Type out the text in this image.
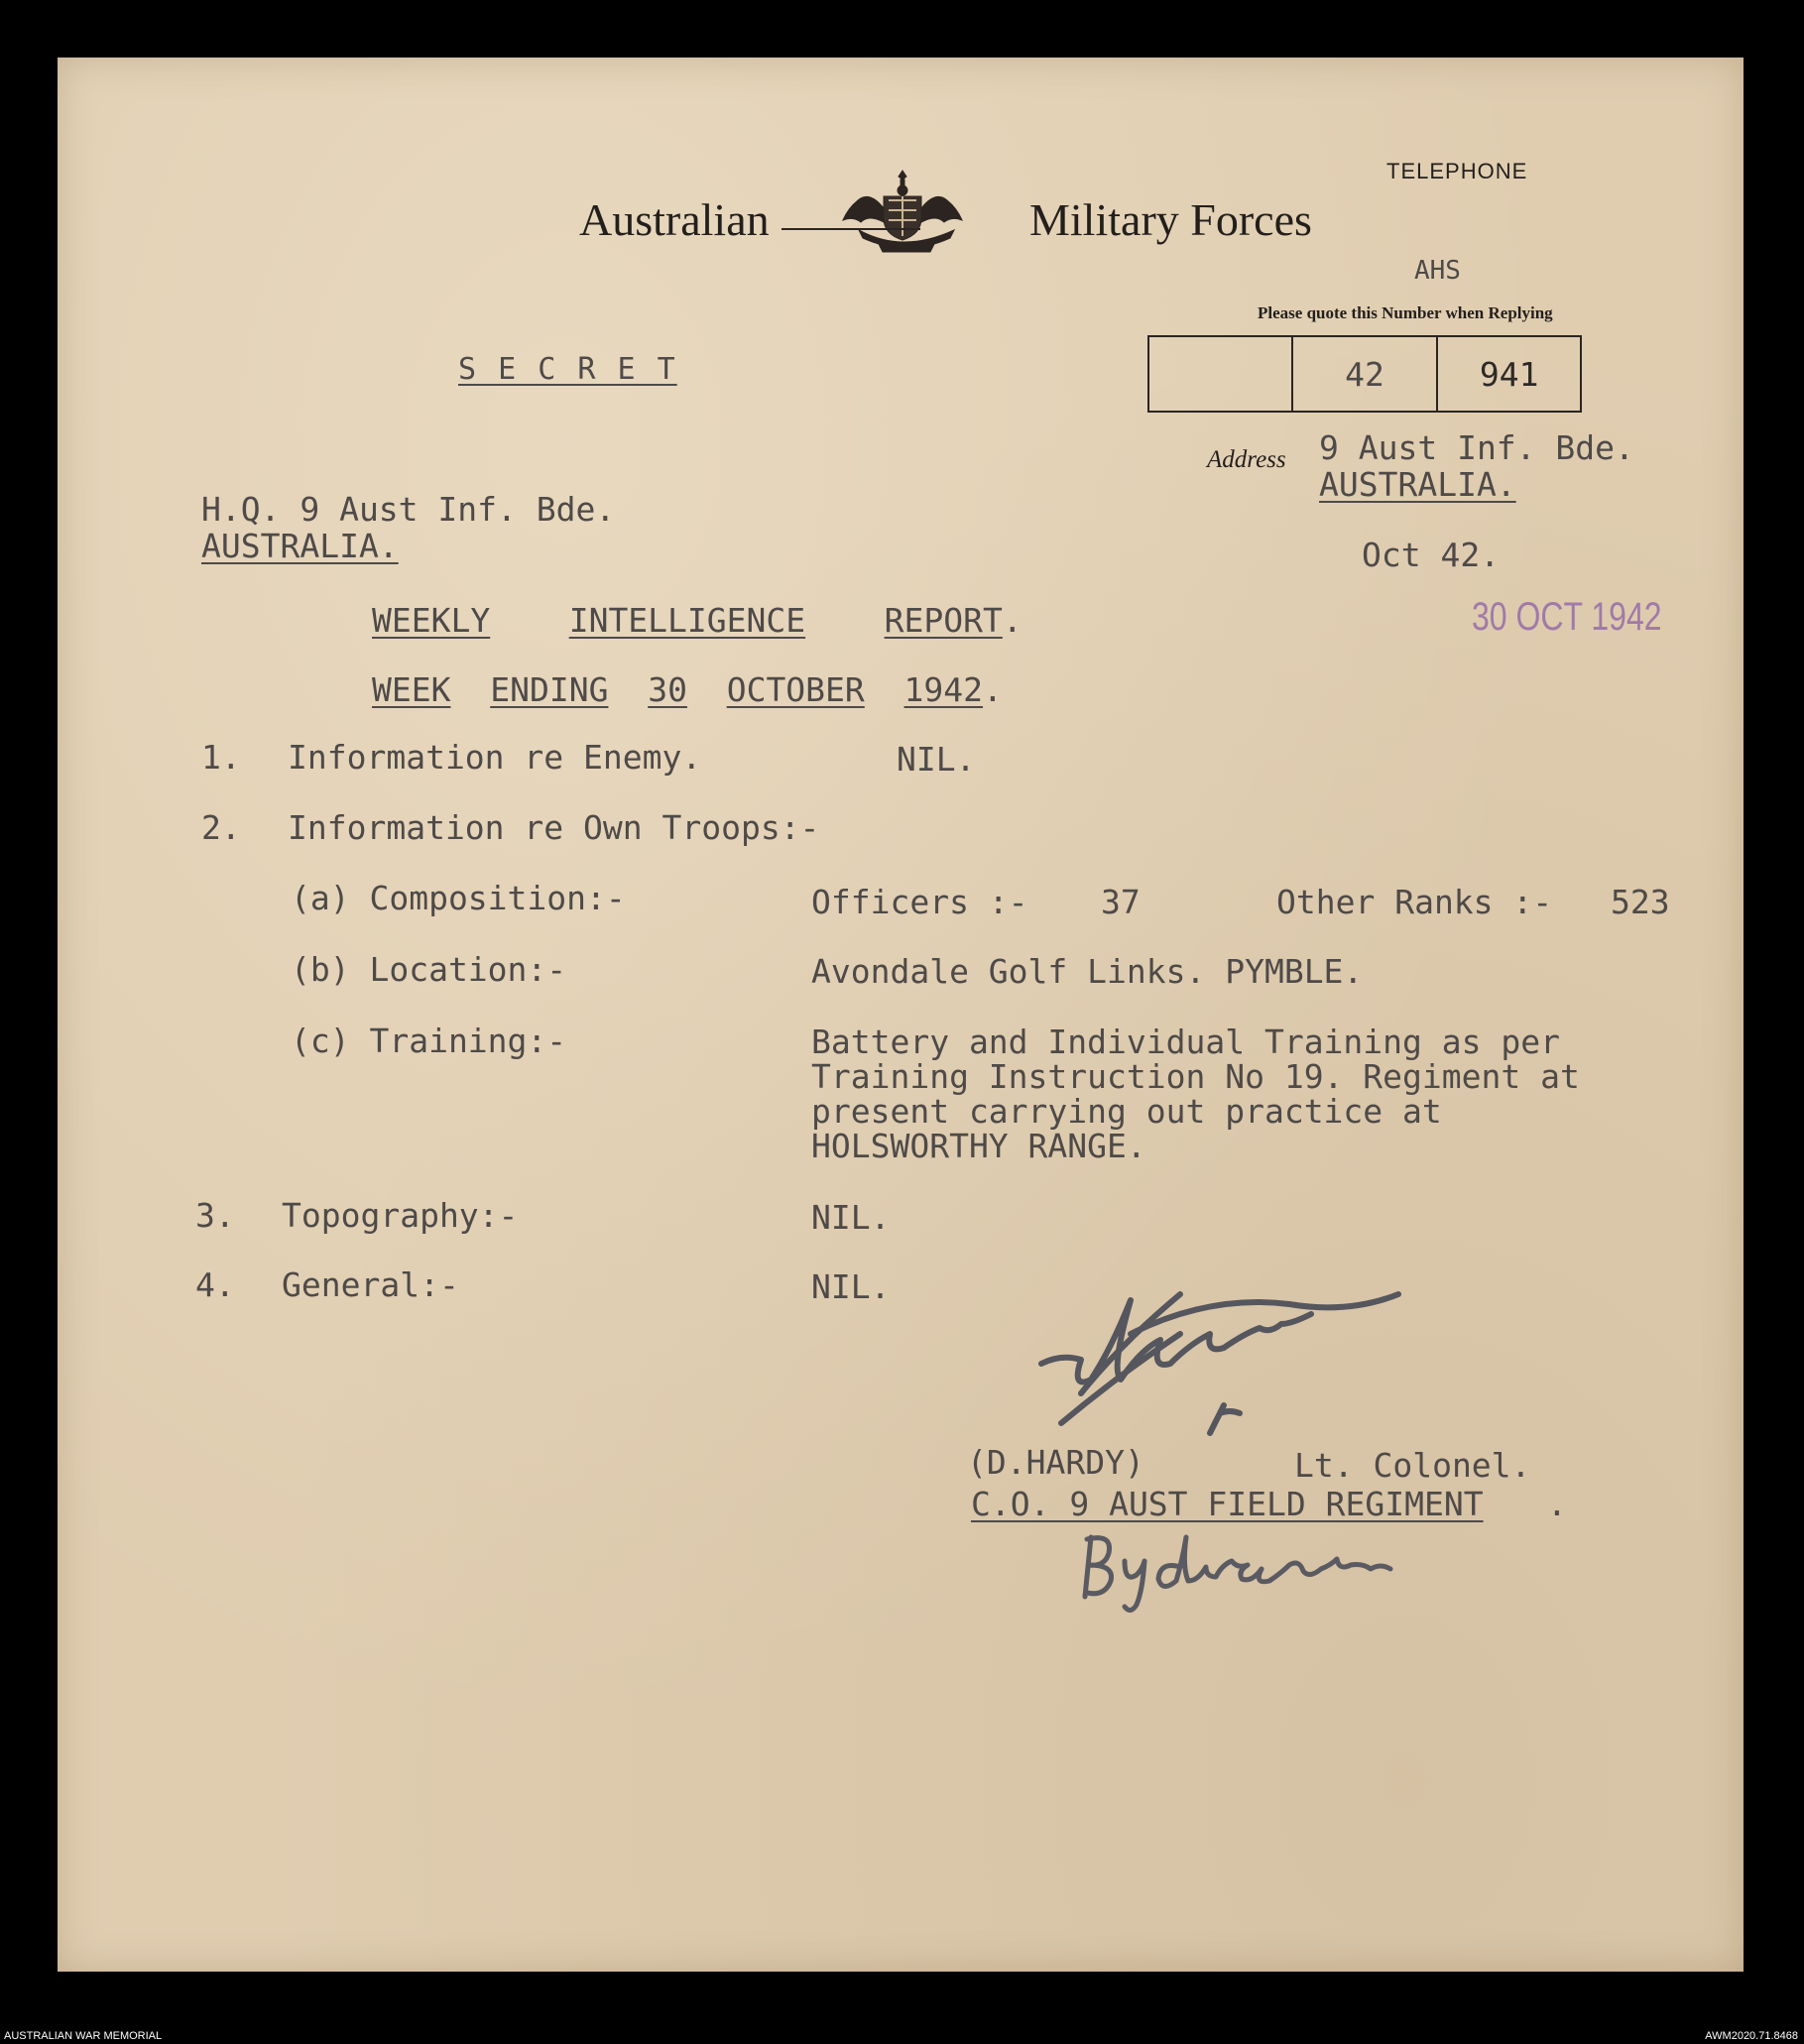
Australian	Military Forces
TELEPHONE
AHS
Please quote this Number when Replying
42	941
Address 9 Aust Inf. Bde.
AUSTRALIA.
Oct 42.
30 OCT 1942
S E C R E T
H.Q. 9 Aust Inf. Bde.
AUSTRALIA.
WEEKLY INTELLIGENCE REPORT.
WEEK ENDING 30 OCTOBER 1942.
1. Information re Enemy.	NIL.
2. Information re Own Troops:-
(a) Composition:-	Officers :- 37	Other Ranks :- 523
(b) Location:-	Avondale Golf Links. PYMBLE.
(c) Training:-	Battery and Individual Training as per
Training Instruction No 19. Regiment at
present carrying out practice at
HOLSWORTHY RANGE.
3. Topography:-	NIL.
4. General:-	NIL.
(D.HARDY)	Lt. Colonel.
C.O. 9 AUST FIELD REGIMENT .
AUSTRALIAN WAR MEMORIAL	AWM2020.71.8468
